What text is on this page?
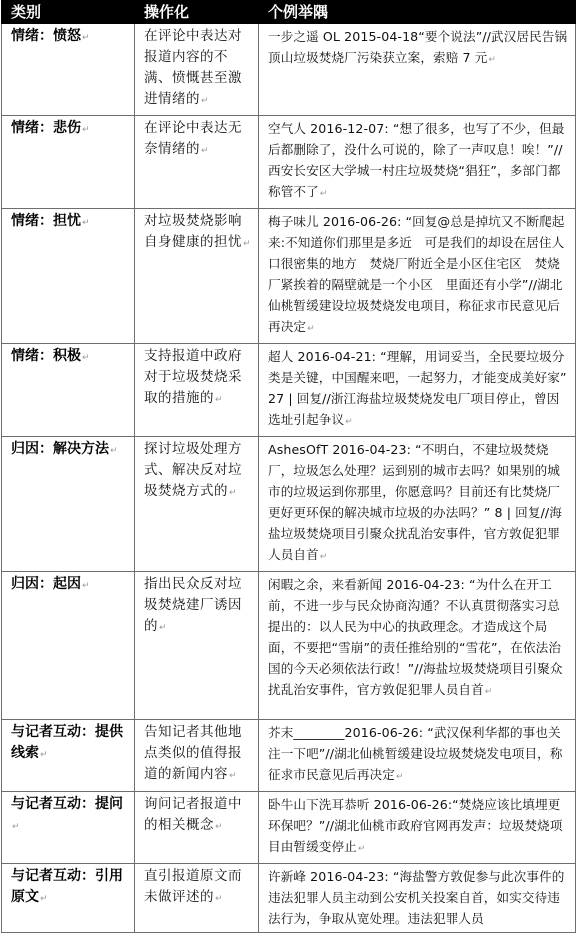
类别	操作化	个例举隅
情绪：愤怒↵	在评论中表达对报道内容的不满、愤慨甚至激进情绪的↵	一步之遥 OL 2015-04-18“要个说法”//武汉居民告锅顶山垃圾焚烧厂污染获立案，索赔 7 元↵
情绪：悲伤↵	在评论中表达无奈情绪的↵	空气人 2016-12-07: “想了很多，也写了不少，但最后都删除了，没什么可说的，除了一声叹息！唉！”//西安长安区大学城一村庄垃圾焚烧“猖狂”，多部门都称管不了↵
情绪：担忧↵	对垃圾焚烧影响自身健康的担忧↵	梅子味儿 2016-06-26: “回复@总是掉坑又不断爬起来:不知道你们那里是多近　可是我们的却设在居住人口很密集的地方　焚烧厂附近全是小区住宅区　焚烧厂紧挨着的隔壁就是一个小区　里面还有小学”//湖北仙桃暂缓建设垃圾焚烧发电项目，称征求市民意见后再决定↵
情绪：积极↵	支持报道中政府对于垃圾焚烧采取的措施的↵	超人 2016-04-21: “理解，用词妥当，全民要垃圾分类是关键，中国醒来吧，一起努力，才能变成美好家” 27 | 回复//浙江海盐垃圾焚烧发电厂项目停止，曾因选址引起争议↵
归因：解决方法↵	探讨垃圾处理方式、解决反对垃圾焚烧方式的↵	AshesOfT 2016-04-23: “不明白，不建垃圾焚烧厂，垃圾怎么处理？运到别的城市去吗？如果别的城市的垃圾运到你那里，你愿意吗？目前还有比焚烧厂更好更环保的解决城市垃圾的办法吗？” 8 | 回复//海盐垃圾焚烧项目引聚众扰乱治安事件，官方敦促犯罪人员自首↵
归因：起因↵	指出民众反对垃圾焚烧建厂诱因的↵	闲暇之余，来看新闻 2016-04-23: “为什么在开工前，不进一步与民众协商沟通？不认真贯彻落实习总提出的：以人民为中心的执政理念。才造成这个局面，不要把“雪崩”的责任推给别的“雪花”，在依法治国的今天必须依法行政！”//海盐垃圾焚烧项目引聚众扰乱治安事件，官方敦促犯罪人员自首↵
与记者互动：提供线索↵	告知记者其他地点类似的值得报道的新闻内容↵	芥末________2016-06-26: “武汉保利华都的事也关注一下吧”//湖北仙桃暂缓建设垃圾焚烧发电项目，称征求市民意见后再决定↵
与记者互动：提问↵	询问记者报道中的相关概念↵	卧牛山下洗耳恭听 2016-06-26:“焚烧应该比填埋更环保吧？”//湖北仙桃市政府官网再发声：垃圾焚烧项目由暂缓变停止↵
与记者互动：引用原文↵	直引报道原文而未做评述的↵	许新峰 2016-04-23: “海盐警方敦促参与此次事件的违法犯罪人员主动到公安机关投案自首，如实交待违法行为，争取从宽处理。违法犯罪人员
